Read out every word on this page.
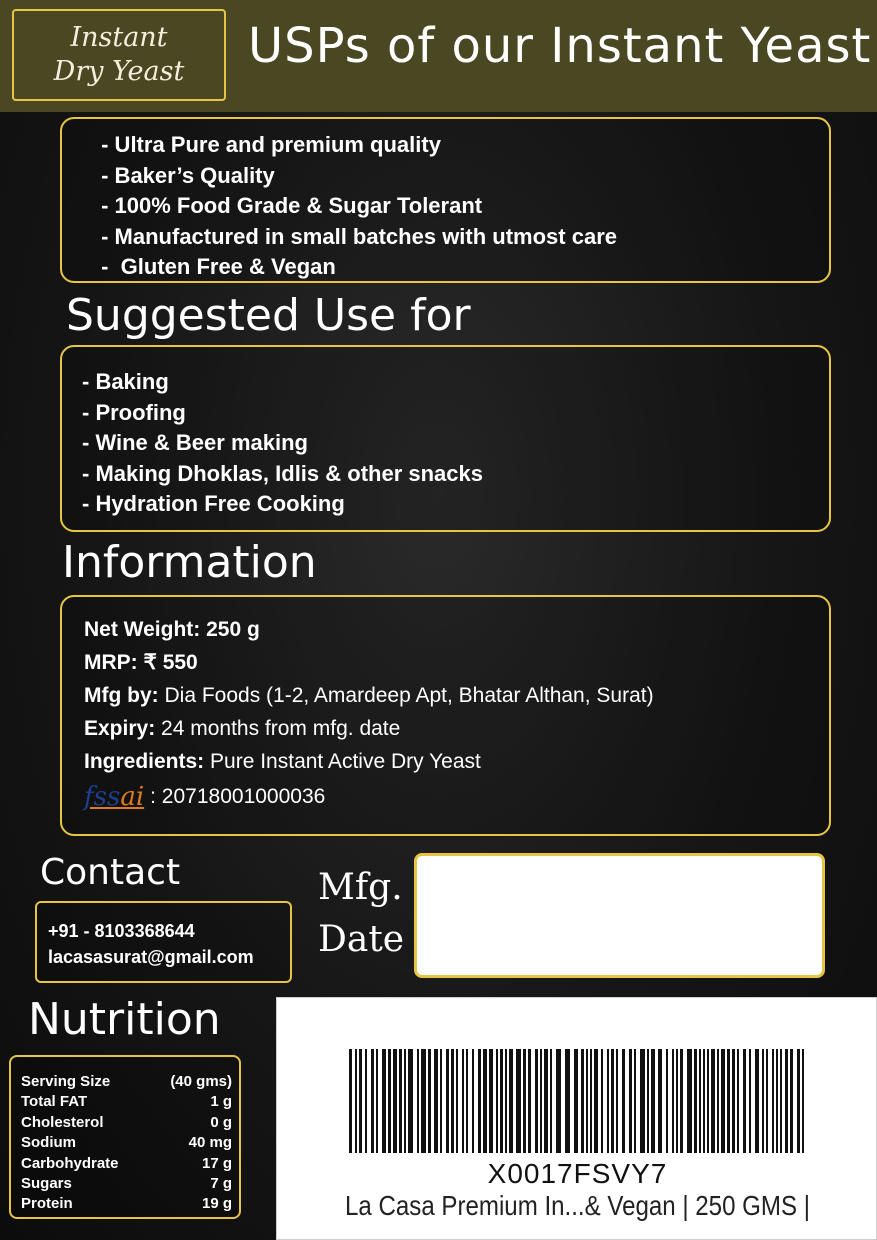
Instant
Dry Yeast USPs of our Instant Yeast
- Ultra Pure and premium quality
- Baker’s Quality
- 100% Food Grade & Sugar Tolerant
- Manufactured in small batches with utmost care
-  Gluten Free & Vegan
Suggested Use for
- Baking
- Proofing
- Wine & Beer making
- Making Dhoklas, Idlis & other snacks
- Hydration Free Cooking
Information
Net Weight: 250 g
MRP: ₹ 550
Mfg by: Dia Foods (1-2, Amardeep Apt, Bhatar Althan, Surat)
Expiry: 24 months from mfg. date
Ingredients: Pure Instant Active Dry Yeast
fssai : 20718001000036
Contact
+91 - 8103368644
lacasasurat@gmail.com
Mfg.
Date
Nutrition
Serving Size	(40 gms)
Total FAT	1 g
Cholesterol	0 g
Sodium	40 mg
Carbohydrate	17 g
Sugars	7 g
Protein	19 g
X0017FSVY7
La Casa Premium In...& Vegan | 250 GMS |
